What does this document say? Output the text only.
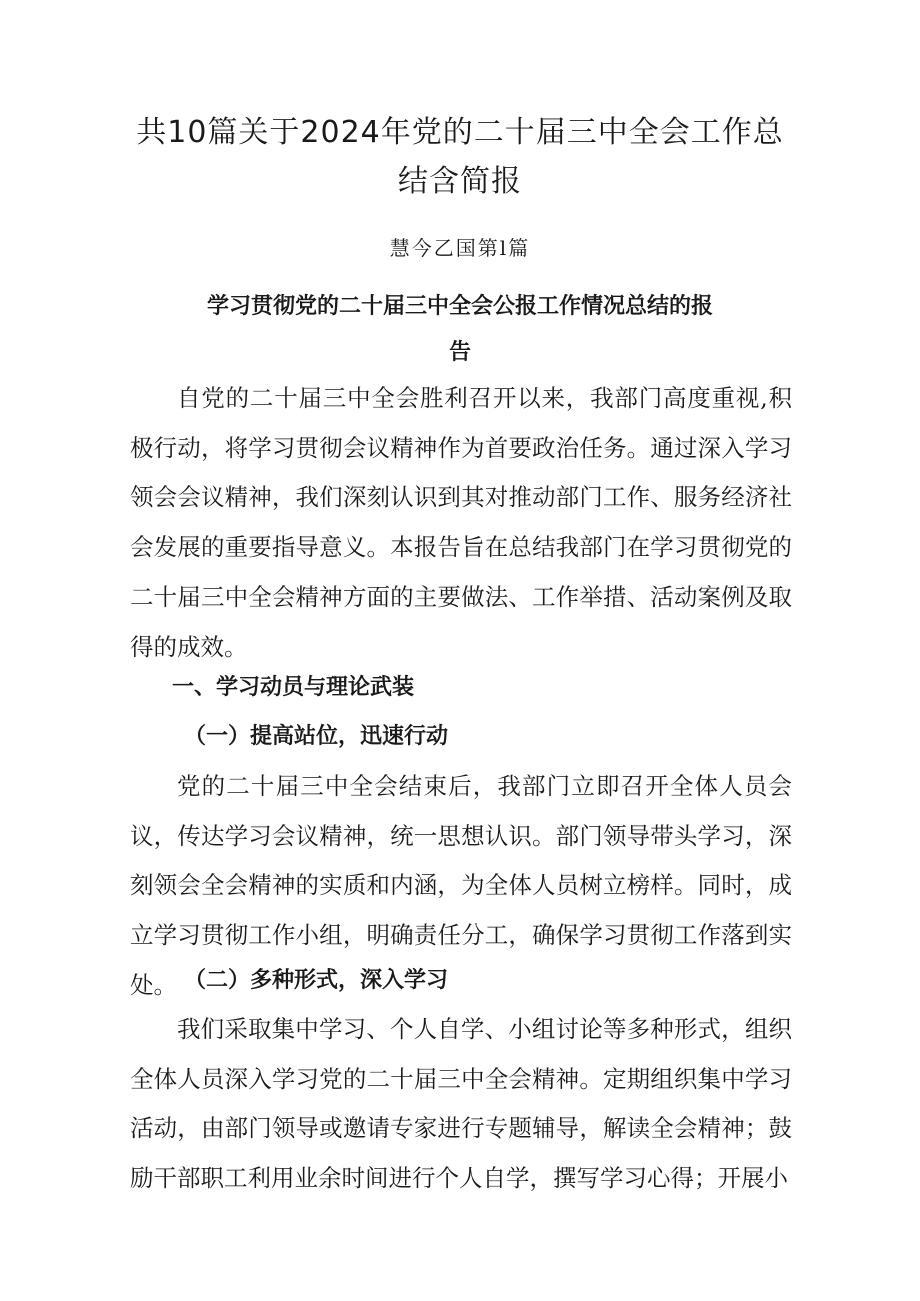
共10篇关于2024年党的二十届三中全会工作总结含简报

慧今乙国第l篇

学习贯彻党的二十届三中全会公报工作情况总结的报告

自党的二十届三中全会胜利召开以来，我部门高度重视,积极行动，将学习贯彻会议精神作为首要政治任务。通过深入学习领会会议精神，我们深刻认识到其对推动部门工作、服务经济社会发展的重要指导意义。本报告旨在总结我部门在学习贯彻党的二十届三中全会精神方面的主要做法、工作举措、活动案例及取得的成效。

一、学习动员与理论武装
（一）提高站位，迅速行动

党的二十届三中全会结束后，我部门立即召开全体人员会议，传达学习会议精神，统一思想认识。部门领导带头学习，深刻领会全会精神的实质和内涵，为全体人员树立榜样。同时，成立学习贯彻工作小组，明确责任分工，确保学习贯彻工作落到实处。 （二）多种形式，深入学习

我们采取集中学习、个人自学、小组讨论等多种形式，组织全体人员深入学习党的二十届三中全会精神。定期组织集中学习活动，由部门领导或邀请专家进行专题辅导，解读全会精神；鼓励干部职工利用业余时间进行个人自学，撰写学习心得；开展小
